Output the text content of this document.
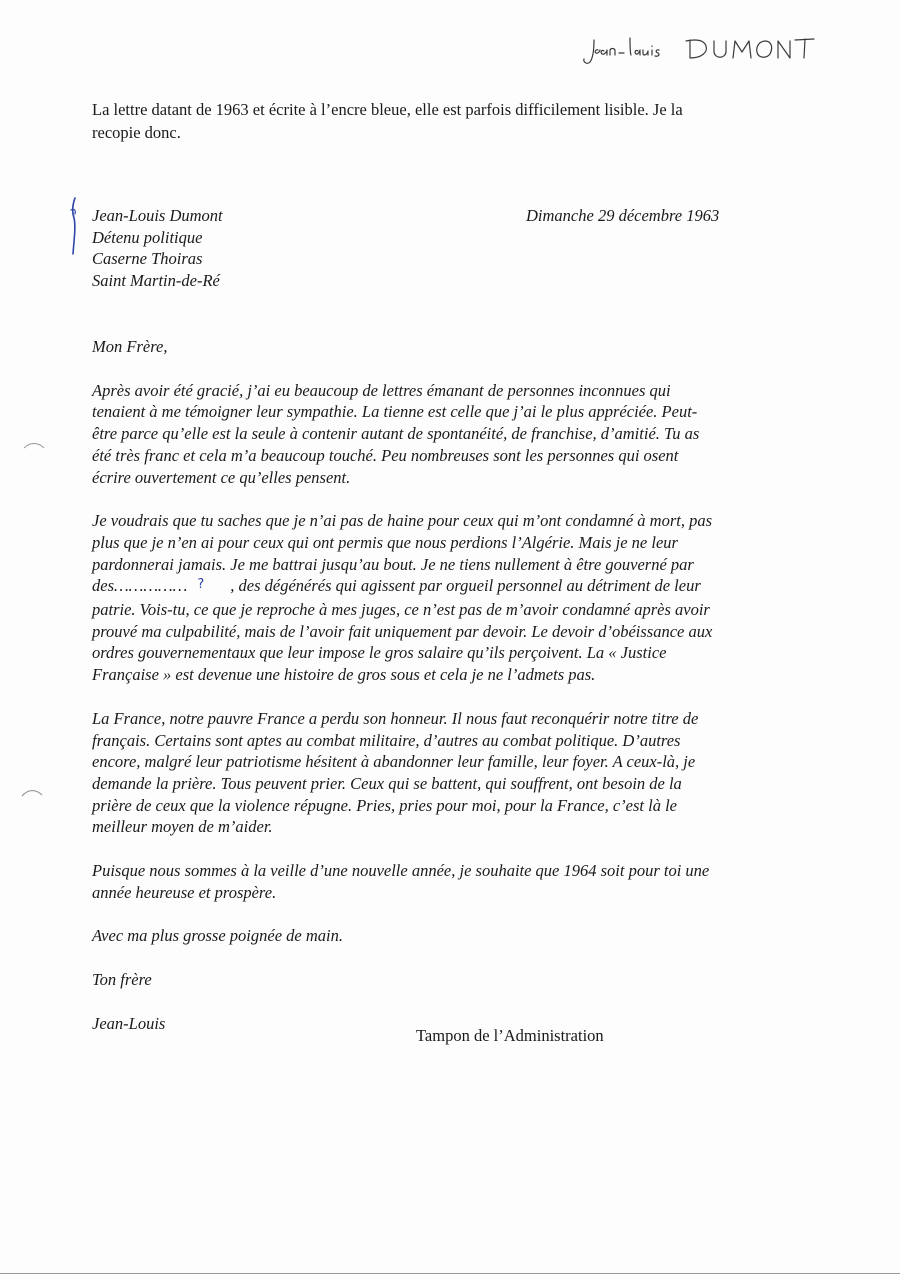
La lettre datant de 1963 et écrite à l’encre bleue, elle est parfois difficilement lisible. Je la
recopie donc.
Jean-Louis Dumont
Détenu politique
Caserne Thoiras
Saint Martin-de-Ré
Dimanche 29 décembre 1963

Mon Frère,

Après avoir été gracié, j’ai eu beaucoup de lettres émanant de personnes inconnues qui
tenaient à me témoigner leur sympathie. La tienne est celle que j’ai le plus appréciée. Peut-
être parce qu’elle est la seule à contenir autant de spontanéité, de franchise, d’amitié. Tu as
été très franc et cela m’a beaucoup touché. Peu nombreuses sont les personnes qui osent
écrire ouvertement ce qu’elles pensent.

Je voudrais que tu saches que je n’ai pas de haine pour ceux qui m’ont condamné à mort, pas
plus que je n’en ai pour ceux qui ont permis que nous perdions l’Algérie. Mais je ne leur
pardonnerai jamais. Je me battrai jusqu’au bout. Je ne tiens nullement à être gouverné par
des…………… ? , des dégénérés qui agissent par orgueil personnel au détriment de leur
patrie. Vois-tu, ce que je reproche à mes juges, ce n’est pas de m’avoir condamné après avoir
prouvé ma culpabilité, mais de l’avoir fait uniquement par devoir. Le devoir d’obéissance aux
ordres gouvernementaux que leur impose le gros salaire qu’ils perçoivent. La « Justice
Française » est devenue une histoire de gros sous et cela je ne l’admets pas.

La France, notre pauvre France a perdu son honneur. Il nous faut reconquérir notre titre de
français. Certains sont aptes au combat militaire, d’autres au combat politique. D’autres
encore, malgré leur patriotisme hésitent à abandonner leur famille, leur foyer. A ceux-là, je
demande la prière. Tous peuvent prier. Ceux qui se battent, qui souffrent, ont besoin de la
prière de ceux que la violence répugne. Pries, pries pour moi, pour la France, c’est là le
meilleur moyen de m’aider.

Puisque nous sommes à la veille d’une nouvelle année, je souhaite que 1964 soit pour toi une
année heureuse et prospère.

Avec ma plus grosse poignée de main.

Ton frère

Jean-Louis

Tampon de l’Administration
